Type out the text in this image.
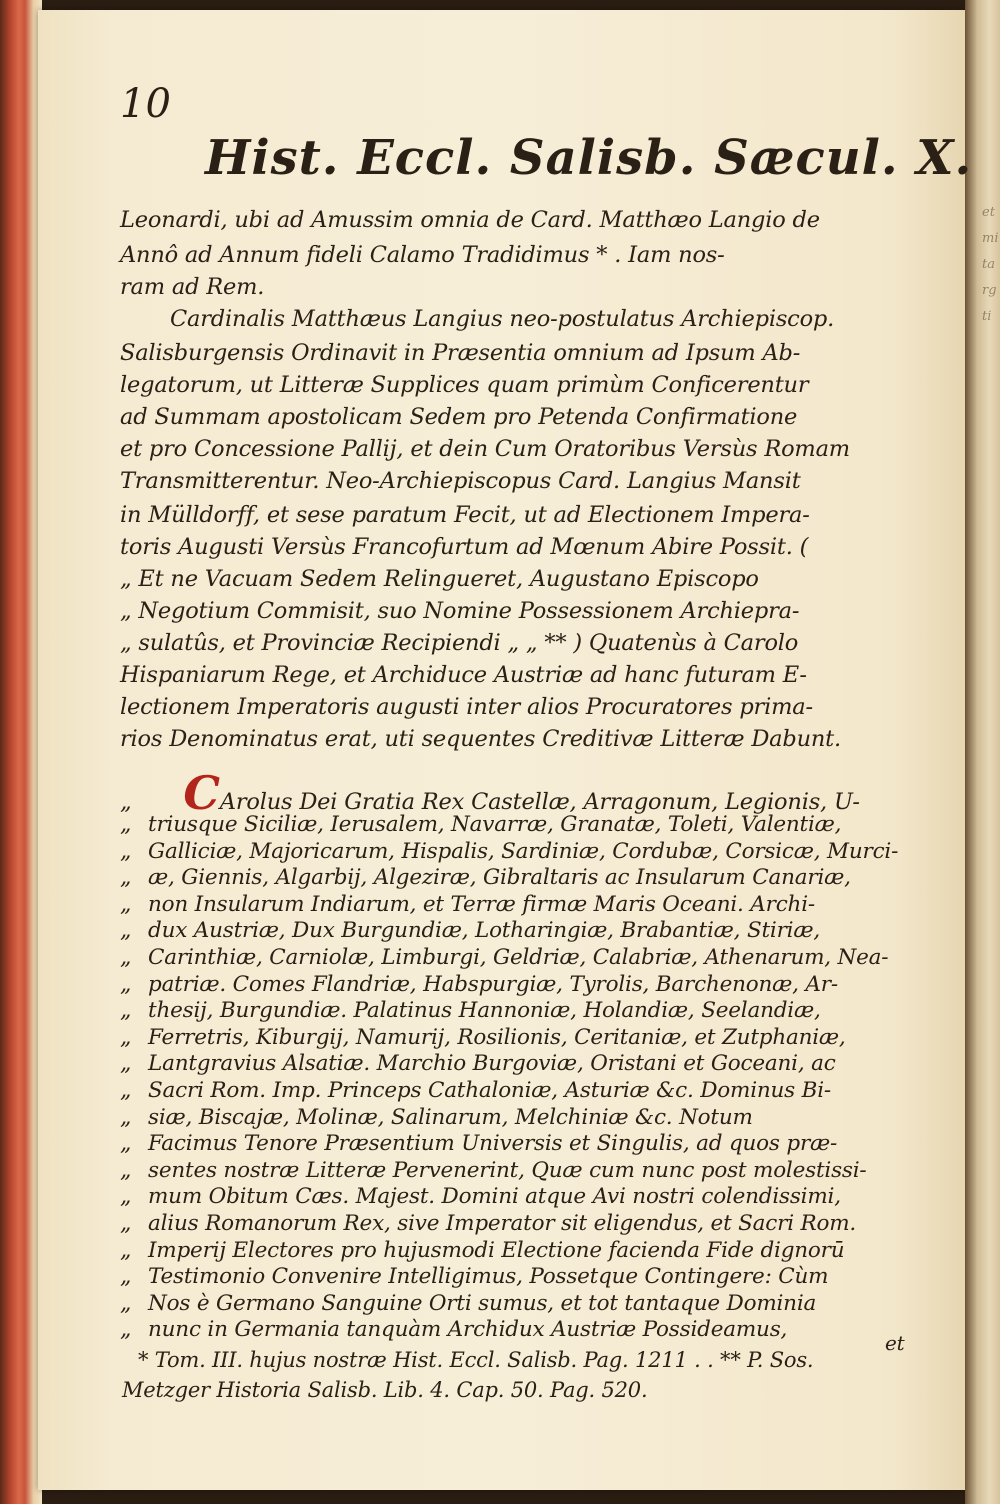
et mi ta rg ti
10
Hist. Eccl. Salisb. Sæcul. X.
Leonardi, ubi ad Amussim omnia de Card. Matthæo Langio de
Annô ad Annum fideli Calamo Tradidimus * . Iam nos-
ram ad Rem.
Cardinalis Matthæus Langius neo-postulatus Archiepiscop.
Salisburgensis Ordinavit in Præsentia omnium ad Ipsum Ab-
legatorum, ut Litteræ Supplices quam primùm Conficerentur
ad Summam apostolicam Sedem pro Petenda Confirmatione
et pro Concessione Pallij, et dein Cum Oratoribus Versùs Romam
Transmitterentur. Neo-Archiepiscopus Card. Langius Mansit
in Mülldorff, et sese paratum Fecit, ut ad Electionem Impera-
toris Augusti Versùs Francofurtum ad Mœnum Abire Possit. (
„ Et ne Vacuam Sedem Relingueret, Augustano Episcopo
„ Negotium Commisit, suo Nomine Possessionem Archiepra-
„ sulatûs, et Provinciæ Recipiendi „ „ ** ) Quatenùs à Carolo
Hispaniarum Rege, et Archiduce Austriæ ad hanc futuram E-
lectionem Imperatoris augusti inter alios Procuratores prima-
rios Denominatus erat, uti sequentes Creditivæ Litteræ Dabunt.
„ CArolus Dei Gratia Rex Castellæ, Arragonum, Legionis, U-
„ triusque Siciliæ, Ierusalem, Navarræ, Granatæ, Toleti, Valentiæ,
„ Galliciæ, Majoricarum, Hispalis, Sardiniæ, Cordubæ, Corsicæ, Murci-
„ æ, Giennis, Algarbij, Algeziræ, Gibraltaris ac Insularum Canariæ,
„ non Insularum Indiarum, et Terræ firmæ Maris Oceani. Archi-
„ dux Austriæ, Dux Burgundiæ, Lotharingiæ, Brabantiæ, Stiriæ,
„ Carinthiæ, Carniolæ, Limburgi, Geldriæ, Calabriæ, Athenarum, Nea-
„ patriæ. Comes Flandriæ, Habspurgiæ, Tyrolis, Barchenonæ, Ar-
„ thesij, Burgundiæ. Palatinus Hannoniæ, Holandiæ, Seelandiæ,
„ Ferretris, Kiburgij, Namurij, Rosilionis, Ceritaniæ, et Zutphaniæ,
„ Lantgravius Alsatiæ. Marchio Burgoviæ, Oristani et Goceani, ac
„ Sacri Rom. Imp. Princeps Cathaloniæ, Asturiæ &c. Dominus Bi-
„ siæ, Biscajæ, Molinæ, Salinarum, Melchiniæ &c. Notum
„ Facimus Tenore Præsentium Universis et Singulis, ad quos præ-
„ sentes nostræ Litteræ Pervenerint, Quæ cum nunc post molestissi-
„ mum Obitum Cæs. Majest. Domini atque Avi nostri colendissimi,
„ alius Romanorum Rex, sive Imperator sit eligendus, et Sacri Rom.
„ Imperij Electores pro hujusmodi Electione facienda Fide dignorū
„ Testimonio Convenire Intelligimus, Possetque Contingere: Cùm
„ Nos è Germano Sanguine Orti sumus, et tot tantaque Dominia
„ nunc in Germania tanquàm Archidux Austriæ Possideamus,
et
* Tom. III. hujus nostræ Hist. Eccl. Salisb. Pag. 1211 . . ** P. Sos.
Metzger Historia Salisb. Lib. 4. Cap. 50. Pag. 520.
